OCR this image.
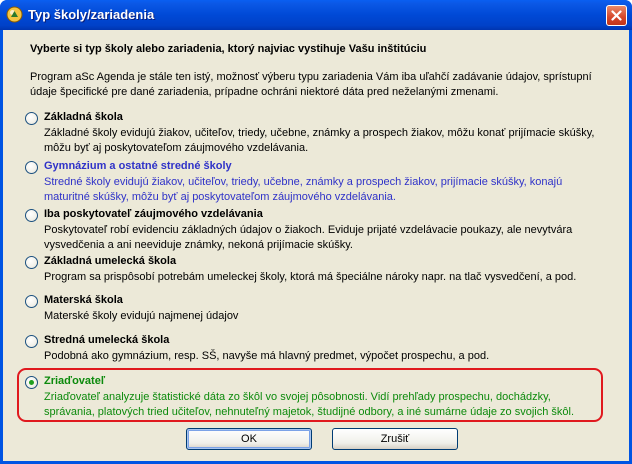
Typ školy/zariadenia
Vyberte si typ školy alebo zariadenia, ktorý najviac vystihuje Vašu inštitúciu
Program aSc Agenda je stále ten istý, možnosť výberu typu zariadenia Vám iba uľahčí zadávanie údajov, sprístupní údaje špecifické pre dané zariadenia, prípadne ochráni niektoré dáta pred neželanými zmenami.
Základná škola
Základné školy evidujú žiakov, učiteľov, triedy, učebne, známky a prospech žiakov, môžu konať prijímacie skúšky, môžu byť aj poskytovateľom záujmového vzdelávania.
Gymnázium a ostatné stredné školy
Stredné školy evidujú žiakov, učiteľov, triedy, učebne, známky a prospech žiakov, prijímacie skúšky, konajú maturitné skúšky, môžu byť aj poskytovateľom záujmového vzdelávania.
Iba poskytovateľ záujmového vzdelávania
Poskytovateľ robí evidenciu základných údajov o žiakoch. Eviduje prijaté vzdelávacie poukazy, ale nevytvára vysvedčenia a ani neeviduje známky, nekoná prijímacie skúšky.
Základná umelecká škola
Program sa prispôsobí potrebám umeleckej školy, ktorá má špeciálne nároky napr. na tlač vysvedčení, a pod.
Materská škola
Materské školy evidujú najmenej údajov
Stredná umelecká škola
Podobná ako gymnázium, resp. SŠ, navyše má hlavný predmet, výpočet prospechu, a pod.
Zriaďovateľ
Zriaďovateľ analyzuje štatistické dáta zo škôl vo svojej pôsobnosti. Vidí prehľady prospechu, dochádzky, správania, platových tried učiteľov, nehnuteľný majetok, študijné odbory, a iné sumárne údaje zo svojich škôl.
OK	Zrušiť
